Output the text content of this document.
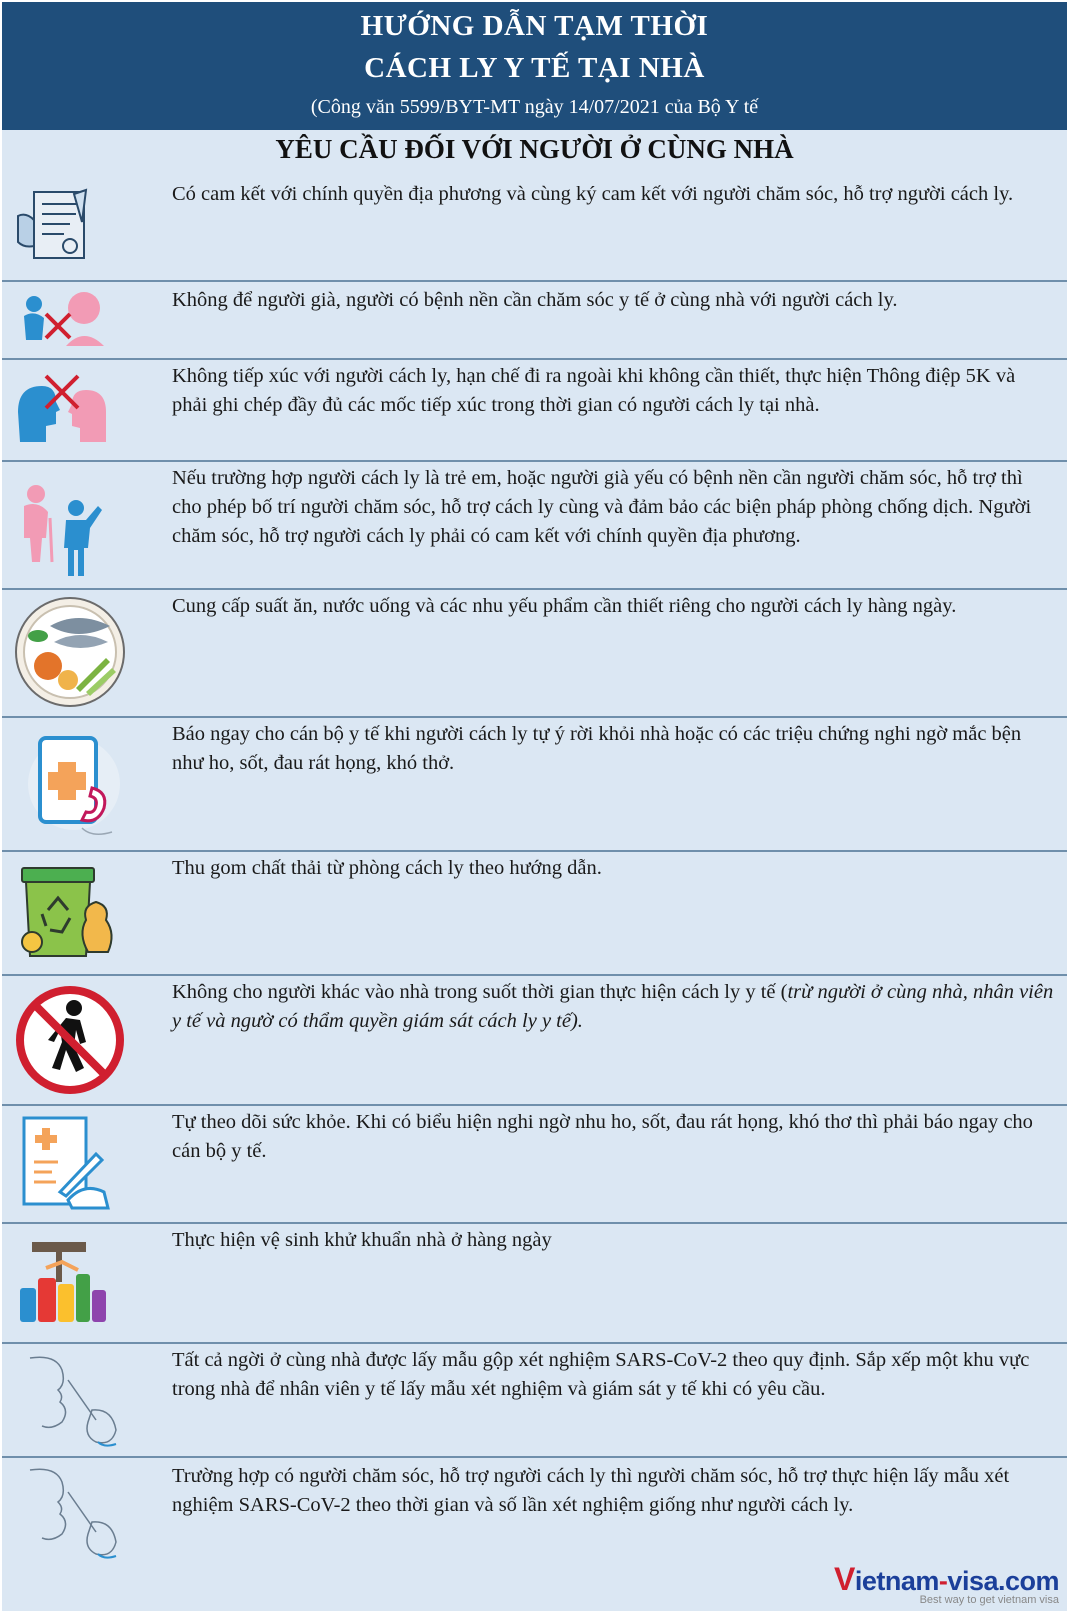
HƯỚNG DẪN TẠM THỜI
CÁCH LY Y TẾ TẠI NHÀ
(Công văn 5599/BYT-MT ngày 14/07/2021 của Bộ Y tế
YÊU CẦU ĐỐI VỚI NGƯỜI Ở CÙNG NHÀ
Có cam kết với chính quyền địa phương và cùng ký cam kết với người chăm sóc, hỗ trợ người cách ly.
Không để người già, người có bệnh nền cần chăm sóc y tế ở cùng nhà với người cách ly.
Không tiếp xúc với người cách ly, hạn chế đi ra ngoài khi không cần thiết, thực hiện Thông điệp 5K và phải ghi chép đầy đủ các mốc tiếp xúc trong thời gian có người cách ly tại nhà.
Nếu trường hợp người cách ly là trẻ em, hoặc người già yếu có bệnh nền cần người chăm sóc, hỗ trợ thì cho phép bố trí người chăm sóc, hỗ trợ cách ly cùng và đảm bảo các biện pháp phòng chống dịch. Người chăm sóc, hỗ trợ người cách ly phải có cam kết với chính quyền địa phương.
Cung cấp suất ăn, nước uống và các nhu yếu phẩm cần thiết riêng cho người cách ly hàng ngày.
Báo ngay cho cán bộ y tế khi người cách ly tự ý rời khỏi nhà hoặc có các triệu chứng nghi ngờ mắc bện như ho, sốt, đau rát họng, khó thở.
Thu gom chất thải từ phòng cách ly theo hướng dẫn.
Không cho người khác vào nhà trong suốt thời gian thực hiện cách ly y tế (trừ người ở cùng nhà, nhân viên y tế và ngườ có thẩm quyền giám sát cách ly y tế).
Tự theo dõi sức khỏe. Khi có biểu hiện nghi ngờ nhu ho, sốt, đau rát họng, khó thơ thì phải báo ngay cho cán bộ y tế.
Thực hiện vệ sinh khử khuẩn nhà ở hàng ngày
Tất cả ngời ở cùng nhà được lấy mẫu gộp xét nghiệm SARS-CoV-2 theo quy định. Sắp xếp một khu vực trong nhà để nhân viên y tế lấy mẫu xét nghiệm và giám sát y tế khi có yêu cầu.
Trường hợp có người chăm sóc, hỗ trợ người cách ly thì người chăm sóc, hỗ trợ thực hiện lấy mẫu xét nghiệm SARS-CoV-2 theo thời gian và số lần xét nghiệm giống như người cách ly.
Vietnam-visa.com
Best way to get vietnam visa
